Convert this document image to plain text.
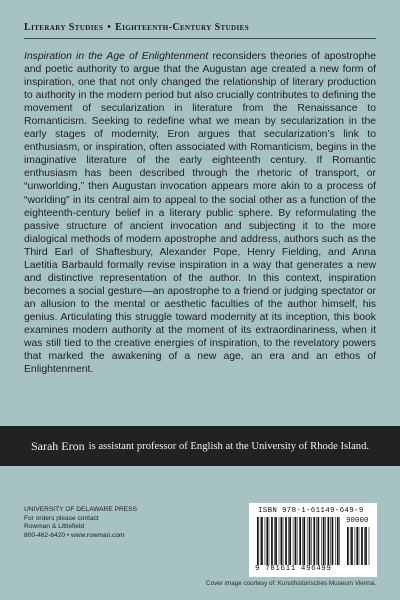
Literary Studies • Eighteenth-Century Studies
Inspiration in the Age of Enlightenment reconsiders theories of apostrophe and poetic authority to argue that the Augustan age created a new form of inspiration, one that not only changed the relationship of literary production to authority in the modern period but also crucially contributes to defining the movement of secularization in literature from the Renaissance to Romanticism. Seeking to redefine what we mean by secularization in the early stages of modernity, Eron argues that secularization’s link to enthusiasm, or inspiration, often associated with Romanticism, begins in the imaginative literature of the early eighteenth century. If Romantic enthusiasm has been described through the rhetoric of transport, or “unworlding,” then Augustan invocation appears more akin to a process of “worlding” in its central aim to appeal to the social other as a function of the eighteenth-century belief in a literary public sphere. By reformulating the passive structure of ancient invocation and subjecting it to the more dialogical methods of modern apostrophe and address, authors such as the Third Earl of Shaftesbury, Alexander Pope, Henry Fielding, and Anna Laetitia Barbauld formally revise inspiration in a way that generates a new and distinctive representation of the author. In this context, inspiration becomes a social gesture—an apostrophe to a friend or judging spectator or an allusion to the mental or aesthetic faculties of the author himself, his genius. Articulating this struggle toward modernity at its inception, this book examines modern authority at the moment of its extraordinariness, when it was still tied to the creative energies of inspiration, to the revelatory powers that marked the awakening of a new age, an era and an ethos of Enlightenment.
Sarah Eron is assistant professor of English at the University of Rhode Island.
UNIVERSITY OF DELAWARE PRESS
For orders please contact
Rowman & Littlefield
800-462-6420 • www.rowman.com
ISBN 978-1-61149-649-9
90000
9 781611 496499
Cover image courtesy of: Kunsthistorisches Museum Vienna.
